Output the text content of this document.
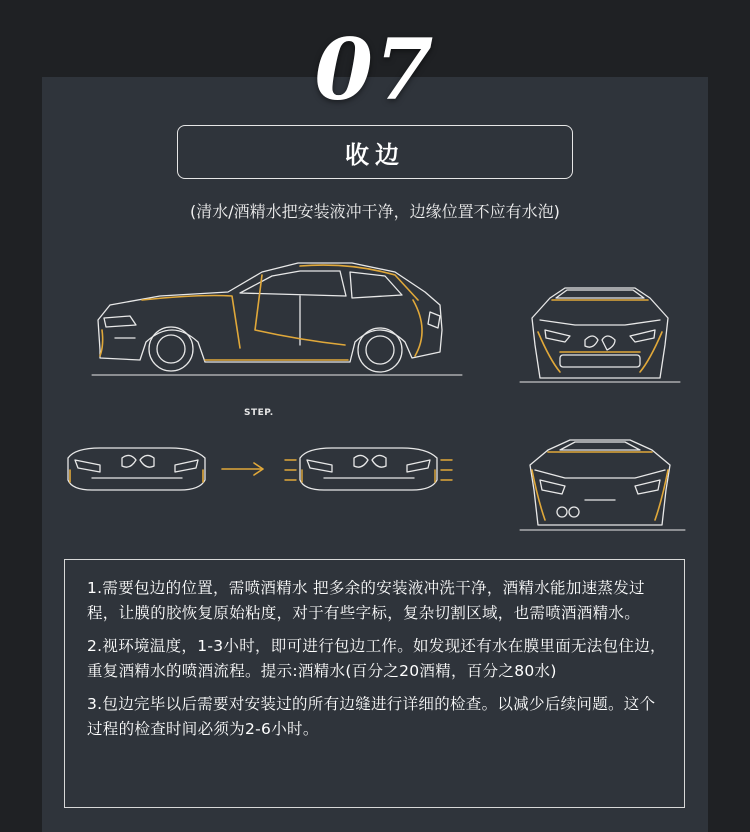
07
收边
(清水/酒精水把安装液冲干净，边缘位置不应有水泡)
STEP.

1.需要包边的位置，需喷酒精水 把多余的安装液冲洗干净，酒精水能加速蒸发过程，让膜的胶恢复原始粘度，对于有些字标，复杂切割区域，也需喷酒酒精水。

2.视环境温度，1-3小时，即可进行包边工作。如发现还有水在膜里面无法包住边，重复酒精水的喷酒流程。提示:酒精水(百分之20酒精，百分之80水)

3.包边完毕以后需要对安装过的所有边缝进行详细的检查。以减少后续问题。这个过程的检查时间必须为2-6小时。
